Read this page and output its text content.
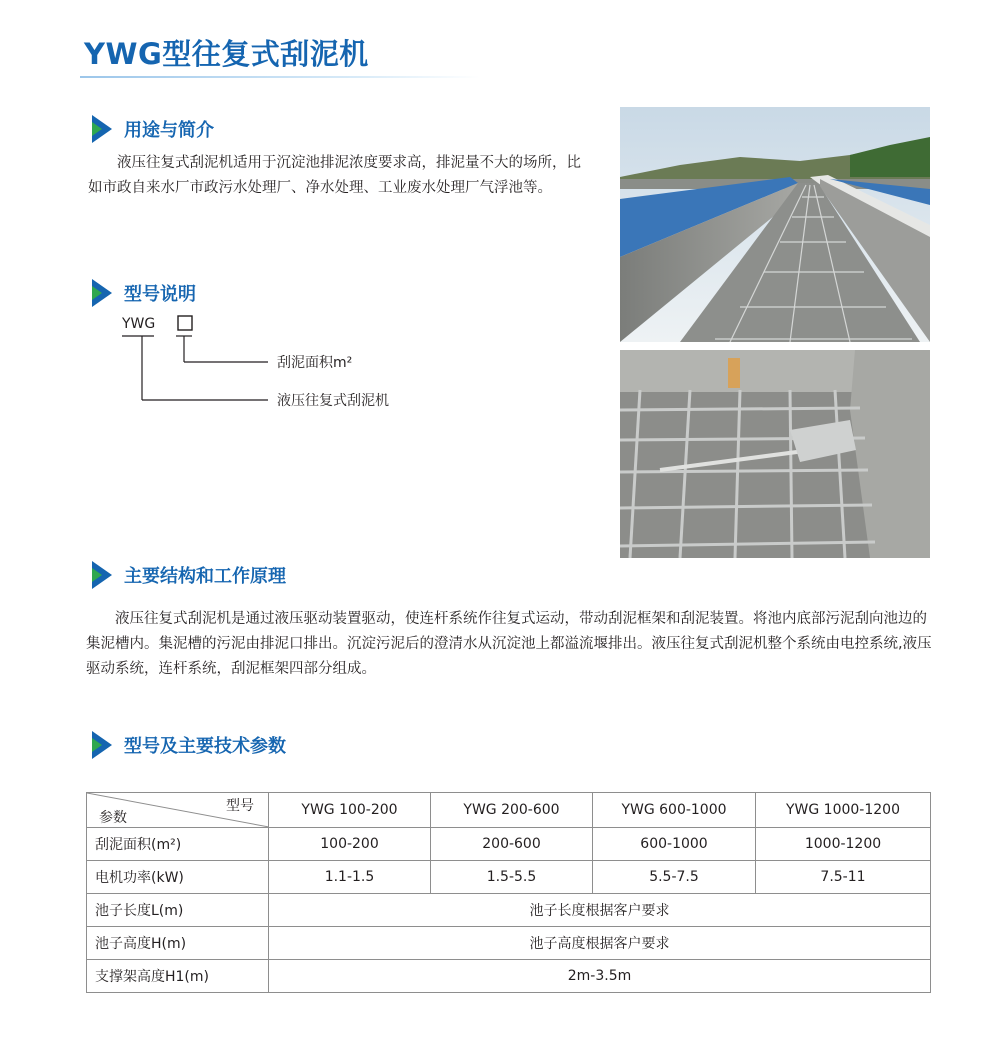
YWG型往复式刮泥机
用途与简介

液压往复式刮泥机适用于沉淀池排泥浓度要求高，排泥量不大的场所，比如市政自来水厂市政污水处理厂、净水处理、工业废水处理厂气浮池等。

型号说明
YWG
刮泥面积m²
液压往复式刮泥机
主要结构和工作原理

液压往复式刮泥机是通过液压驱动装置驱动，使连杆系统作往复式运动，带动刮泥框架和刮泥装置。将池内底部污泥刮向池边的集泥槽内。集泥槽的污泥由排泥口排出。沉淀污泥后的澄清水从沉淀池上都溢流堰排出。液压往复式刮泥机整个系统由电控系统,液压驱动系统，连杆系统，刮泥框架四部分组成。

型号及主要技术参数
型号
参数	YWG 100-200	YWG 200-600	YWG 600-1000	YWG 1000-1200
刮泥面积(m²)	100-200	200-600	600-1000	1000-1200
电机功率(kW)	1.1-1.5	1.5-5.5	5.5-7.5	7.5-11
池子长度L(m)	池子长度根据客户要求			
池子高度H(m)	池子高度根据客户要求			
支撑架高度H1(m)	2m-3.5m			
